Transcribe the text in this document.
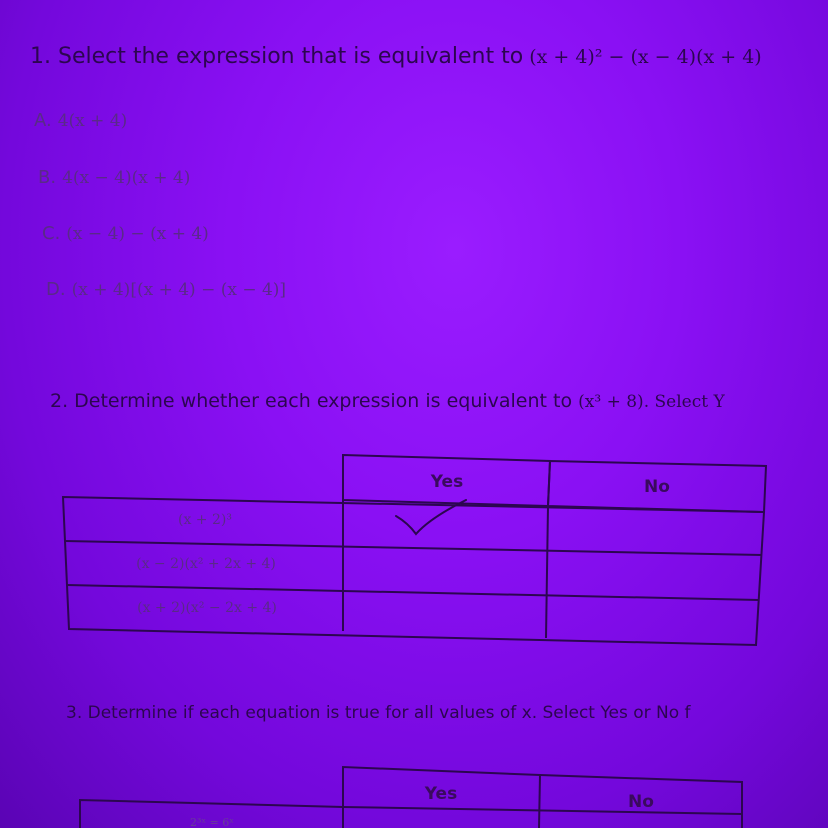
1. Select the expression that is equivalent to (x + 4)² − (x − 4)(x + 4)
A. 4(x + 4)
B. 4(x − 4)(x + 4)
C. (x − 4) − (x + 4)
D. (x + 4)[(x + 4) − (x − 4)]
2. Determine whether each expression is equivalent to (x³ + 8). Select Y
Yes	No
(x + 2)³
(x − 2)(x² + 2x + 4)
(x + 2)(x² − 2x + 4)
Yes	No
2³ˣ = 6ˣ
3. Determine if each equation is true for all values of x. Select Yes or No f
